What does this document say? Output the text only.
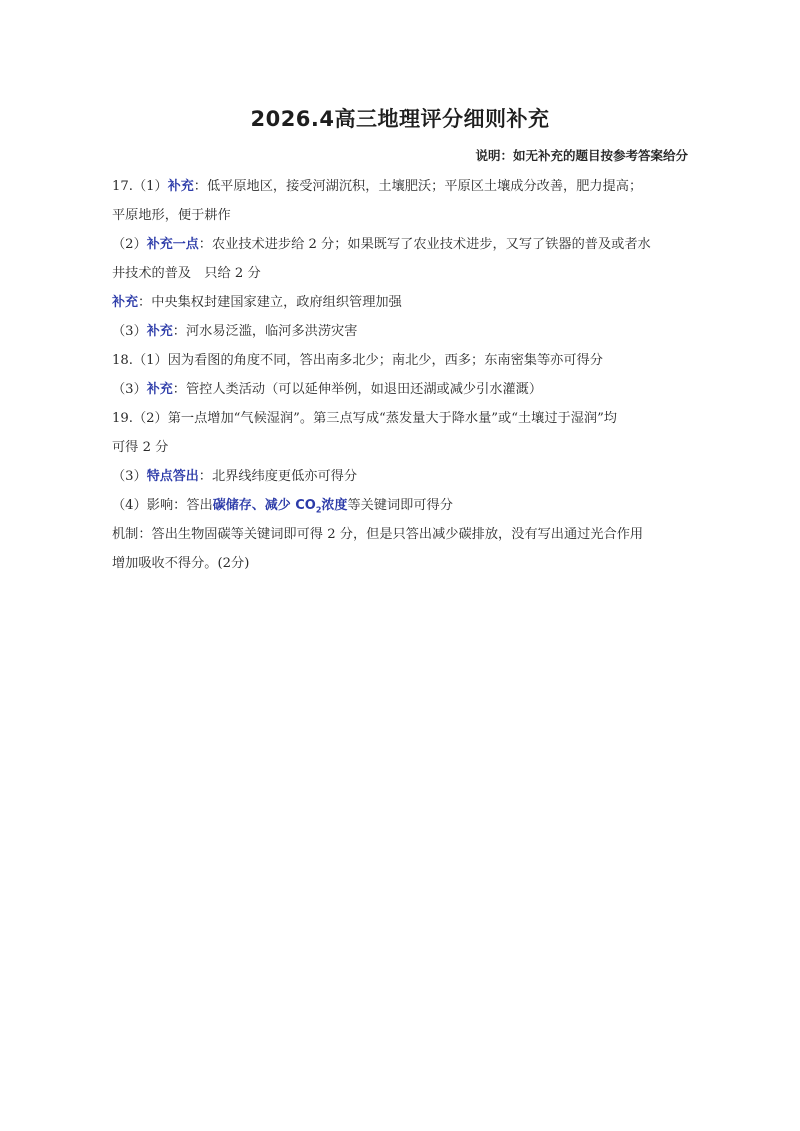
2026.4高三地理评分细则补充
说明：如无补充的题目按参考答案给分
17.（1）补充：低平原地区，接受河湖沉积，土壤肥沃；平原区土壤成分改善，肥力提高；
平原地形，便于耕作
（2）补充一点：农业技术进步给 2 分；如果既写了农业技术进步，又写了铁器的普及或者水
井技术的普及　只给 2 分
补充：中央集权封建国家建立，政府组织管理加强
（3）补充：河水易泛滥，临河多洪涝灾害
18.（1）因为看图的角度不同，答出南多北少；南北少，西多；东南密集等亦可得分
（3）补充：管控人类活动（可以延伸举例，如退田还湖或减少引水灌溉）
19.（2）第一点增加“气候湿润”。第三点写成“蒸发量大于降水量”或“土壤过于湿润”均
可得 2 分
（3）特点答出：北界线纬度更低亦可得分
（4）影响：答出碳储存、减少 $CO_2$浓度等关键词即可得分
机制：答出生物固碳等关键词即可得 2 分，但是只答出减少碳排放，没有写出通过光合作用
增加吸收不得分。(2分)
